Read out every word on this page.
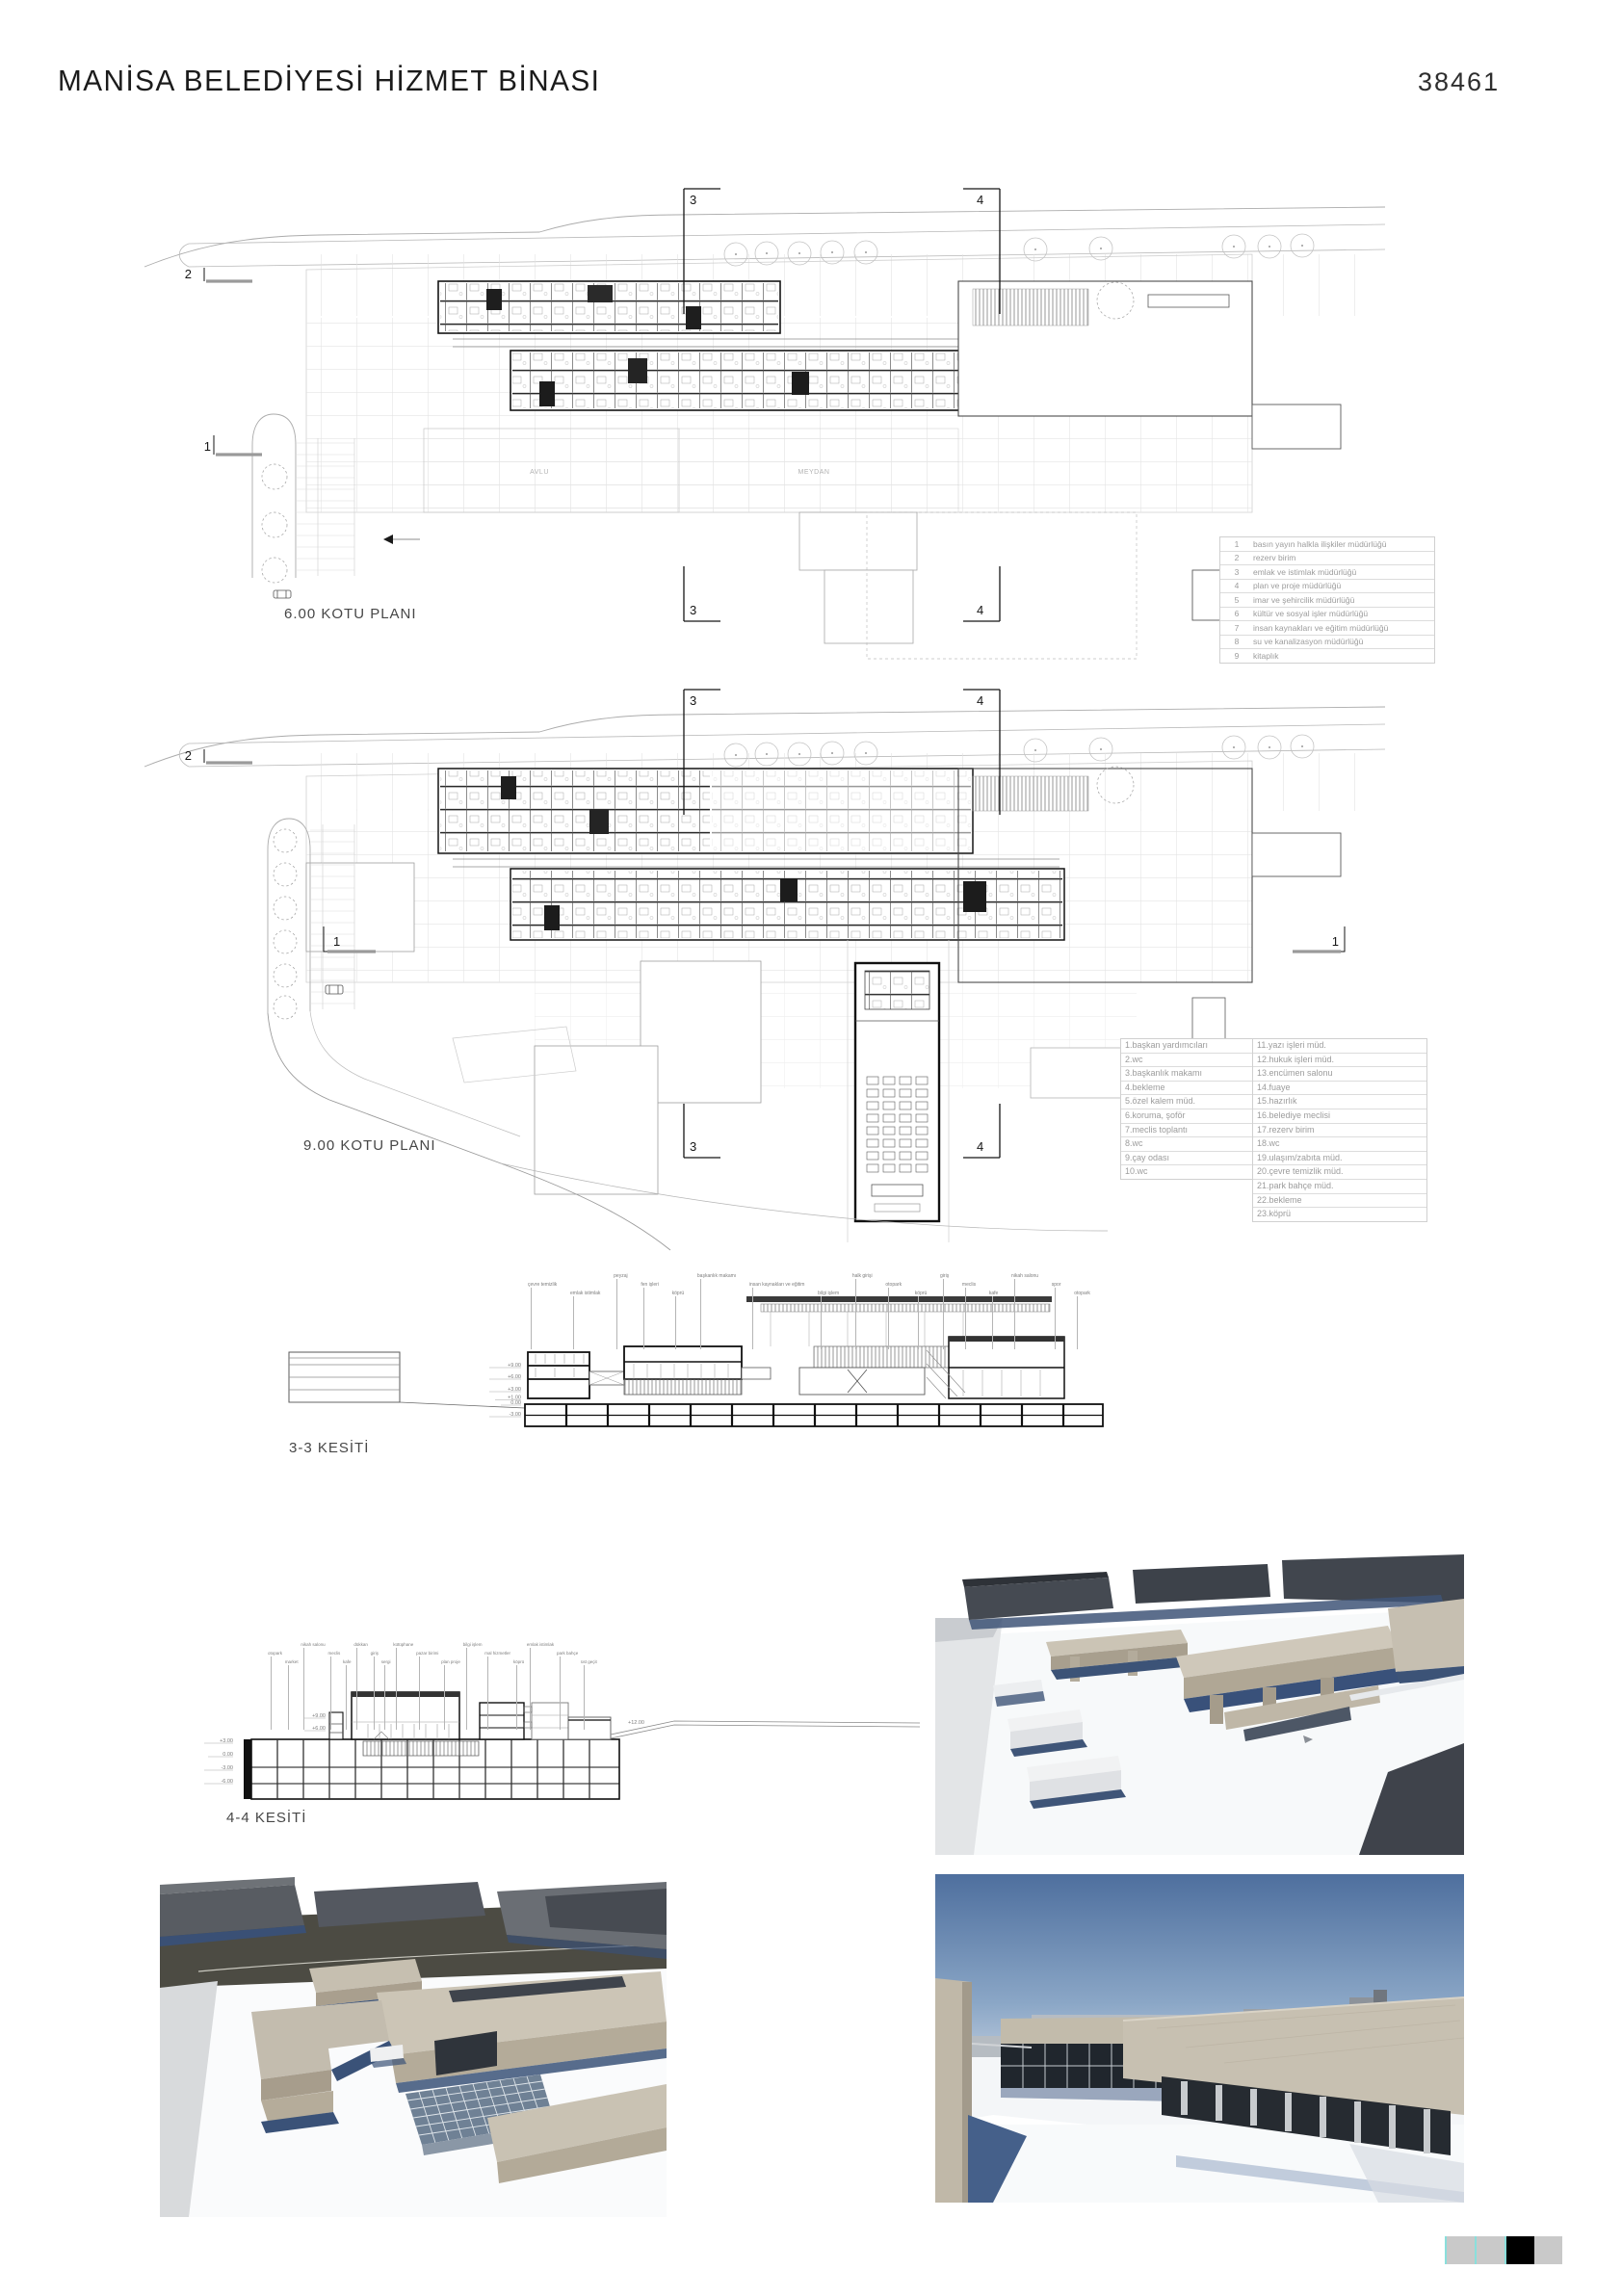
MANİSA BELEDİYESİ HİZMET BİNASI	38461
AVLU	MEYDAN
3	4
3	4
2
1
6.00 KOTU PLANI
1	basın yayın halkla ilişkiler müdürlüğü
2	rezerv birim
3	emlak ve istimlak müdürlüğü
4	plan ve proje müdürlüğü
5	imar ve şehircilik müdürlüğü
6	kültür ve sosyal işler müdürlüğü
7	insan kaynakları ve eğitim müdürlüğü
8	su ve kanalizasyon müdürlüğü
9	kitaplık
3	4
3	4
2
1	1
9.00 KOTU PLANI
1.başkan yardımcıları
2.wc
3.başkanlık makamı
4.bekleme
5.özel kalem müd.
6.koruma, şoför
7.meclis toplantı
8.wc
9.çay odası
10.wc
11.yazı işleri müd.
12.hukuk işleri müd.
13.encümen salonu
14.fuaye
15.hazırlık
16.belediye meclisi
17.rezerv birim
18.wc
19.ulaşım/zabıta müd.
20.çevre temizlik müd.
21.park bahçe müd.
22.bekleme
23.köprü
+9.00
+6.00
+3.00
+1.00
0.00
-3.00
3-3 KESİTİ
çevre temizlik
emlak istimlak
peyzaj
fen işleri
köprü
başkanlık makamı
insan kaynakları ve eğitim
bilgi işlem
halk girişi
otopark
köprü
giriş
meclis
kafe
nikah salonu
spor
otopark
+3.00
0.00
-3.00
-6.00
+9.00
+6.00
+12.00
4-4 KESİTİ
otopark
market
nikah salonu
meclis
kafe
dükkan
giriş
sergi
kütüphane
pazar birimi
plan proje
bilgi işlem
mal hizmetler
köprü
emlak istimlak
park bahçe
üst geçit
